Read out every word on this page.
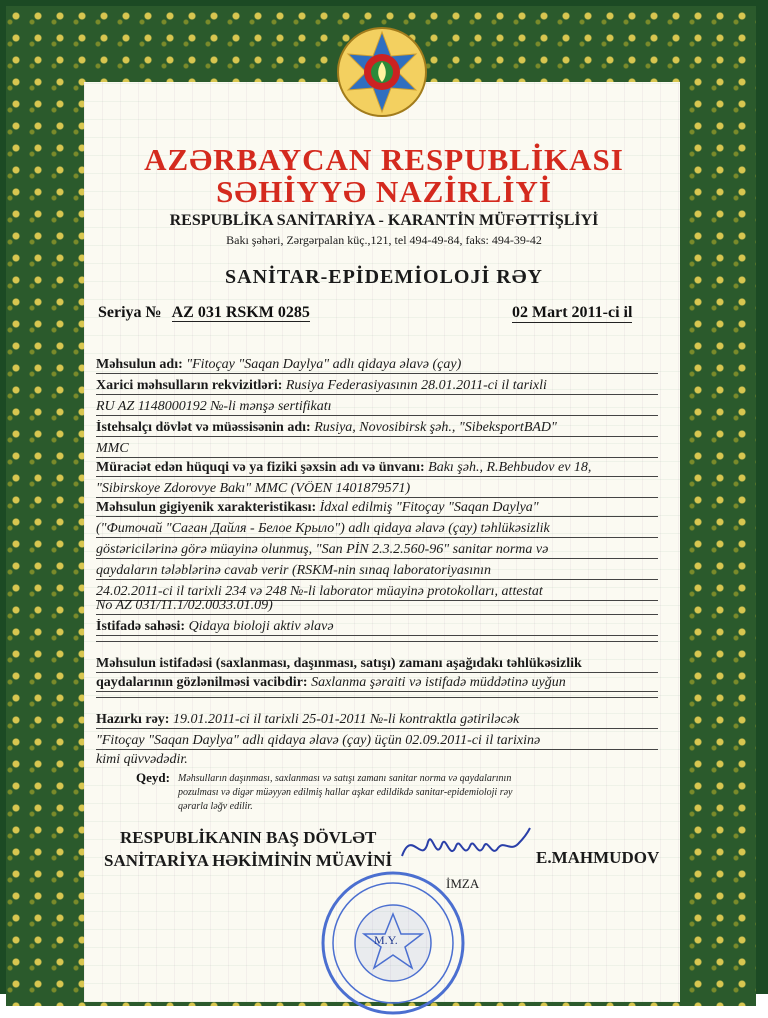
AZƏRBAYCAN RESPUBLİKASI
SƏHİYYƏ NAZİRLİYİ
RESPUBLİKA SANİTARİYA - KARANTİN MÜFƏTTİŞLİYİ
Bakı şəhəri, Zərgərpalan küç.,121, tel 494-49-84, faks: 494-39-42
SANİTAR-EPİDEMİOLOJİ RƏY
Seriya № AZ 031 RSKM 0285	02 Mart 2011-ci il
Məhsulun adı: "Fitoçay "Saqan Daylya" adlı qidaya əlavə (çay)
Xarici məhsulların rekvizitləri: Rusiya Federasiyasının 28.01.2011-ci il tarixli
RU AZ 1148000192 №-li mənşə sertifikatı
İstehsalçı dövlət və müəssisənin adı: Rusiya, Novosibirsk şəh., "SibeksportBAD"
MMC
Müraciət edən hüquqi və ya fiziki şəxsin adı və ünvanı: Bakı şəh., R.Behbudov ev 18,
"Sibirskoye Zdorovye Bakı" MMC (VÖEN 1401879571)
Məhsulun gigiyenik xarakteristikası: İdxal edilmiş "Fitoçay "Saqan Daylya"
("Фиточай "Саган Дайля - Белое Крыло") adlı qidaya əlavə (çay) təhlükəsizlik
göstəricilərinə görə müayinə olunmuş, "San PİN 2.3.2.560-96" sanitar norma və
qaydaların tələblərinə cavab verir (RSKM-nin sınaq laboratoriyasının
24.02.2011-ci il tarixli 234 və 248 №-li laborator müayinə protokolları, attestat
No AZ 031/11.1/02.0033.01.09)
İstifadə sahəsi: Qidaya bioloji aktiv əlavə
Məhsulun istifadəsi (saxlanması, daşınması, satışı) zamanı aşağıdakı təhlükəsizlik
qaydalarının gözlənilməsi vacibdir: Saxlanma şəraiti və istifadə müddətinə uyğun
Hazırkı rəy: 19.01.2011-ci il tarixli 25-01-2011 №-li kontraktla gətiriləcək
"Fitoçay "Saqan Daylya" adlı qidaya əlavə (çay) üçün 02.09.2011-ci il tarixinə
kimi qüvvədədir.
Qeyd: Məhsulların daşınması, saxlanması və satışı zamanı sanitar norma və qaydalarının
pozulması və digər müəyyən edilmiş hallar aşkar edildikdə sanitar-epidemioloji rəy
qərarla ləğv edilir.
RESPUBLİKANIN BAŞ DÖVLƏT
SANİTARİYA HƏKİMİNİN MÜAVİNİ	E.MAHMUDOV
İMZA
M.Y.
